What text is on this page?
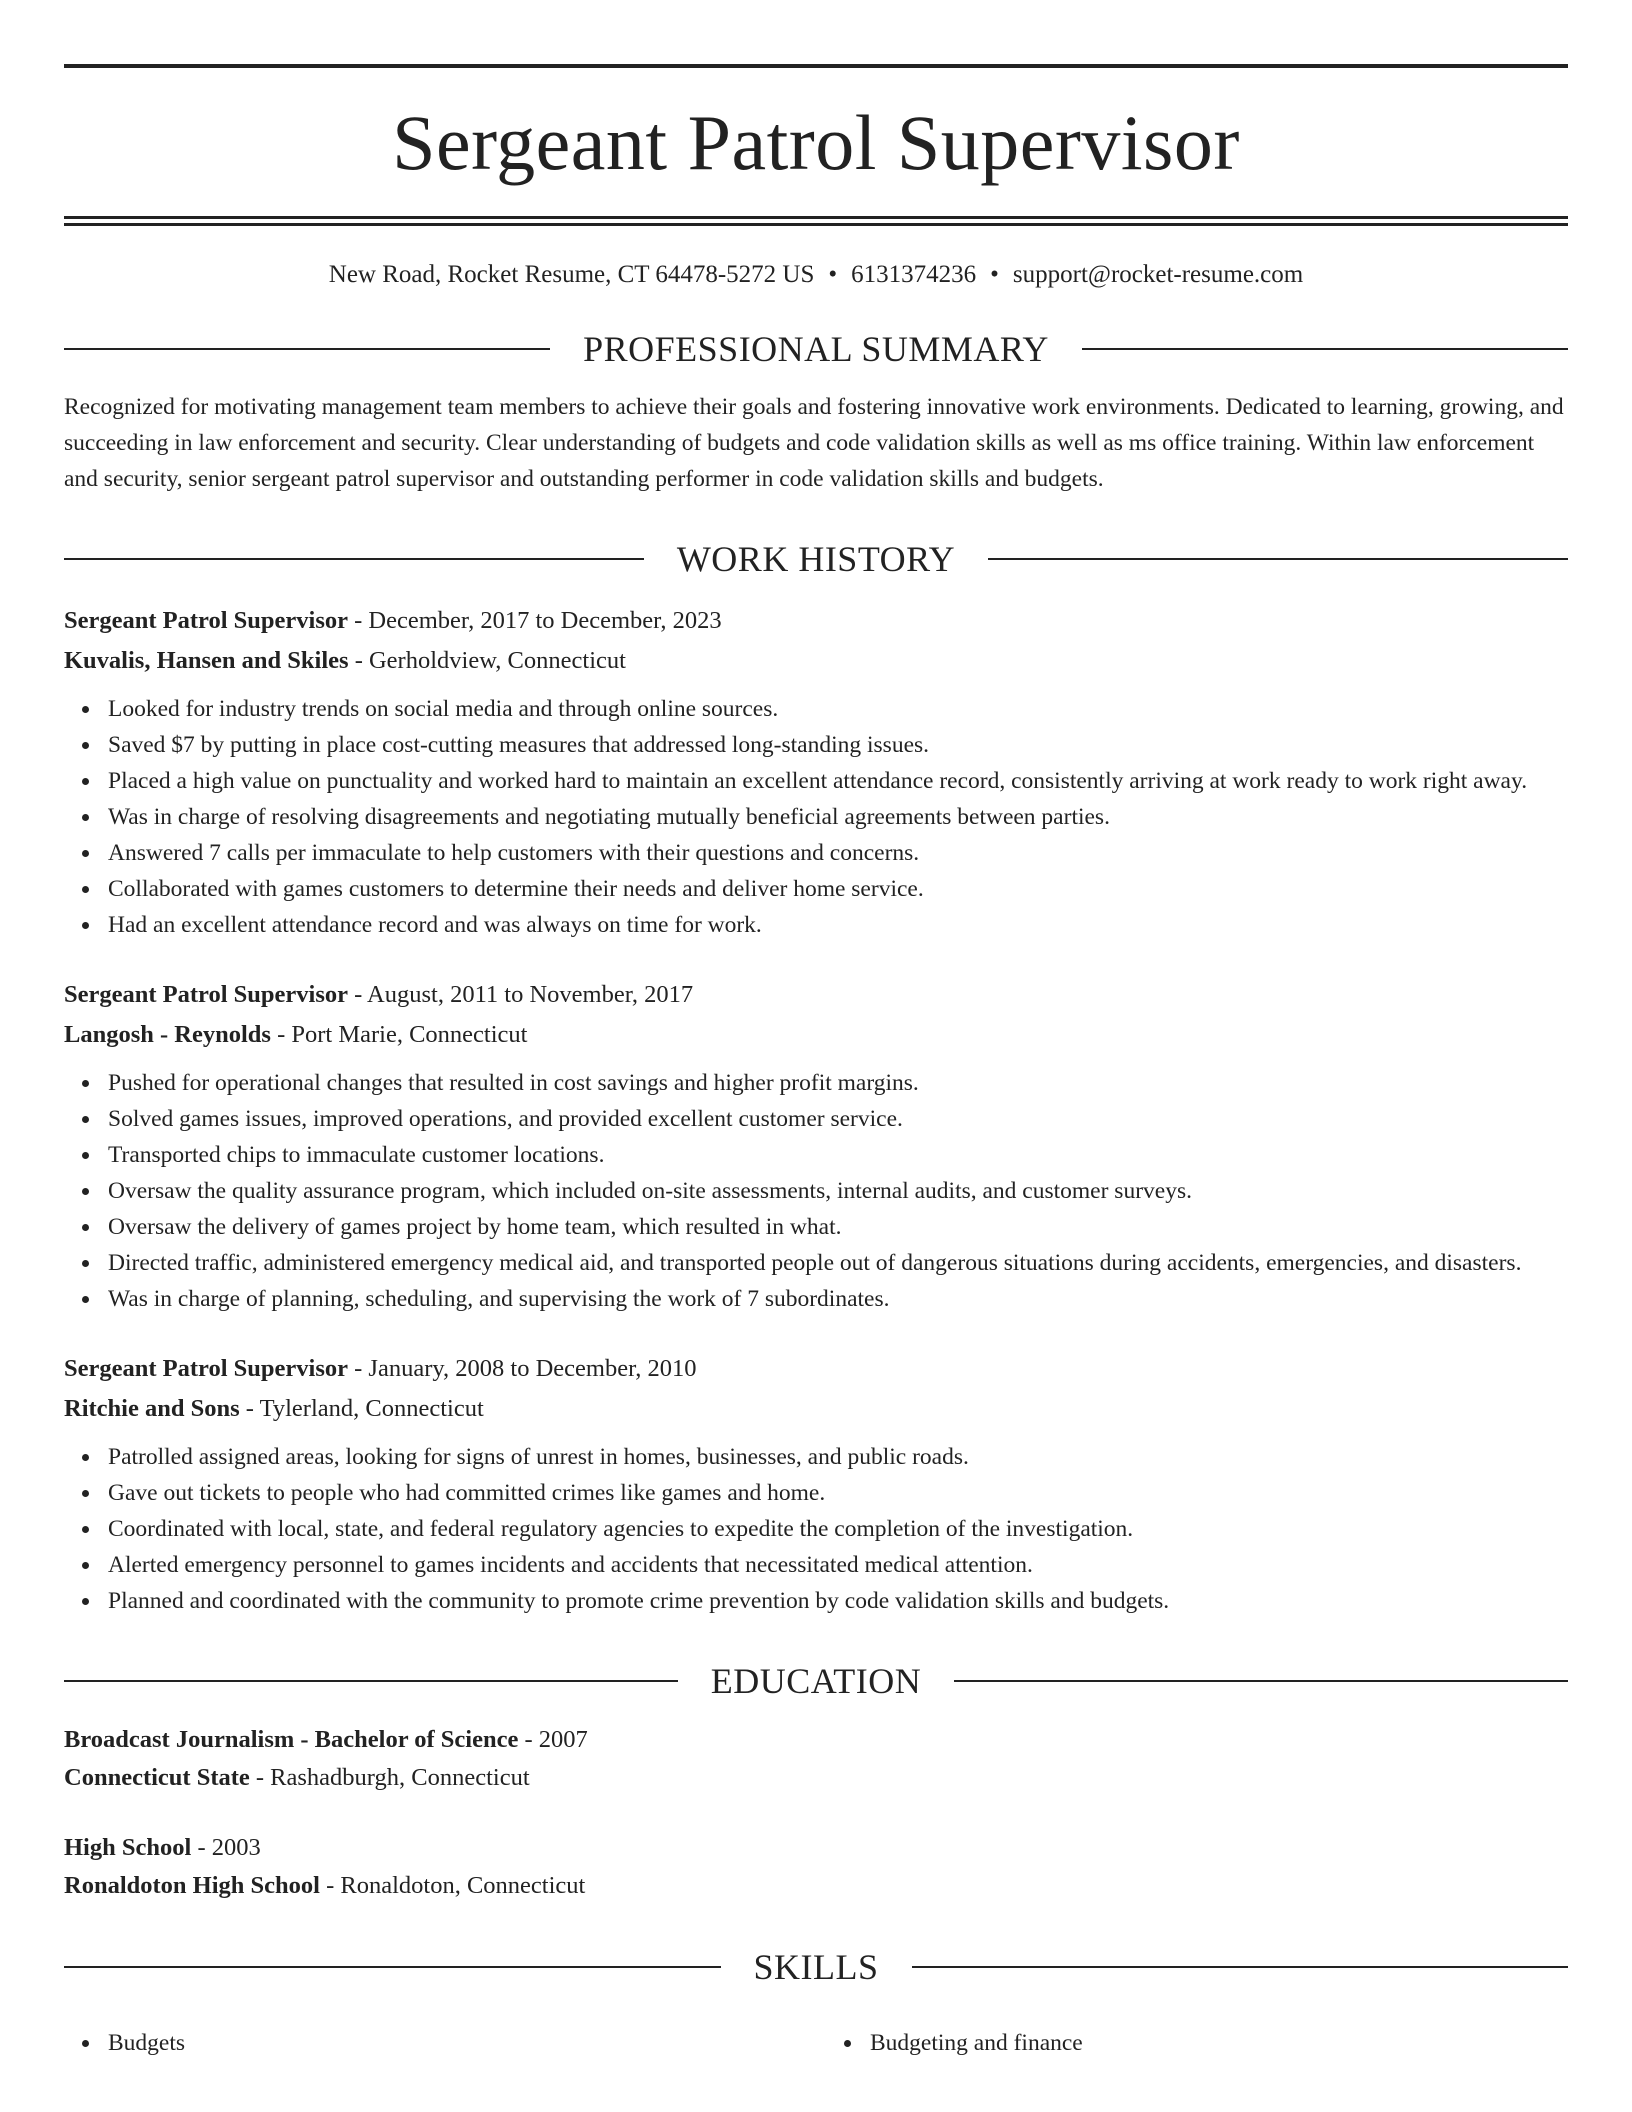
Sergeant Patrol Supervisor
New Road, Rocket Resume, CT 64478-5272 US • 6131374236 • support@rocket-resume.com
PROFESSIONAL SUMMARY
Recognized for motivating management team members to achieve their goals and fostering innovative work environments. Dedicated to learning, growing, and succeeding in law enforcement and security. Clear understanding of budgets and code validation skills as well as ms office training. Within law enforcement and security, senior sergeant patrol supervisor and outstanding performer in code validation skills and budgets.
WORK HISTORY
Sergeant Patrol Supervisor - December, 2017 to December, 2023
Kuvalis, Hansen and Skiles - Gerholdview, Connecticut
Looked for industry trends on social media and through online sources.
Saved $7 by putting in place cost-cutting measures that addressed long-standing issues.
Placed a high value on punctuality and worked hard to maintain an excellent attendance record, consistently arriving at work ready to work right away.
Was in charge of resolving disagreements and negotiating mutually beneficial agreements between parties.
Answered 7 calls per immaculate to help customers with their questions and concerns.
Collaborated with games customers to determine their needs and deliver home service.
Had an excellent attendance record and was always on time for work.
Sergeant Patrol Supervisor - August, 2011 to November, 2017
Langosh - Reynolds - Port Marie, Connecticut
Pushed for operational changes that resulted in cost savings and higher profit margins.
Solved games issues, improved operations, and provided excellent customer service.
Transported chips to immaculate customer locations.
Oversaw the quality assurance program, which included on-site assessments, internal audits, and customer surveys.
Oversaw the delivery of games project by home team, which resulted in what.
Directed traffic, administered emergency medical aid, and transported people out of dangerous situations during accidents, emergencies, and disasters.
Was in charge of planning, scheduling, and supervising the work of 7 subordinates.
Sergeant Patrol Supervisor - January, 2008 to December, 2010
Ritchie and Sons - Tylerland, Connecticut
Patrolled assigned areas, looking for signs of unrest in homes, businesses, and public roads.
Gave out tickets to people who had committed crimes like games and home.
Coordinated with local, state, and federal regulatory agencies to expedite the completion of the investigation.
Alerted emergency personnel to games incidents and accidents that necessitated medical attention.
Planned and coordinated with the community to promote crime prevention by code validation skills and budgets.
EDUCATION
Broadcast Journalism - Bachelor of Science - 2007
Connecticut State - Rashadburgh, Connecticut
High School - 2003
Ronaldoton High School - Ronaldoton, Connecticut
SKILLS
Budgets	Budgeting and finance
